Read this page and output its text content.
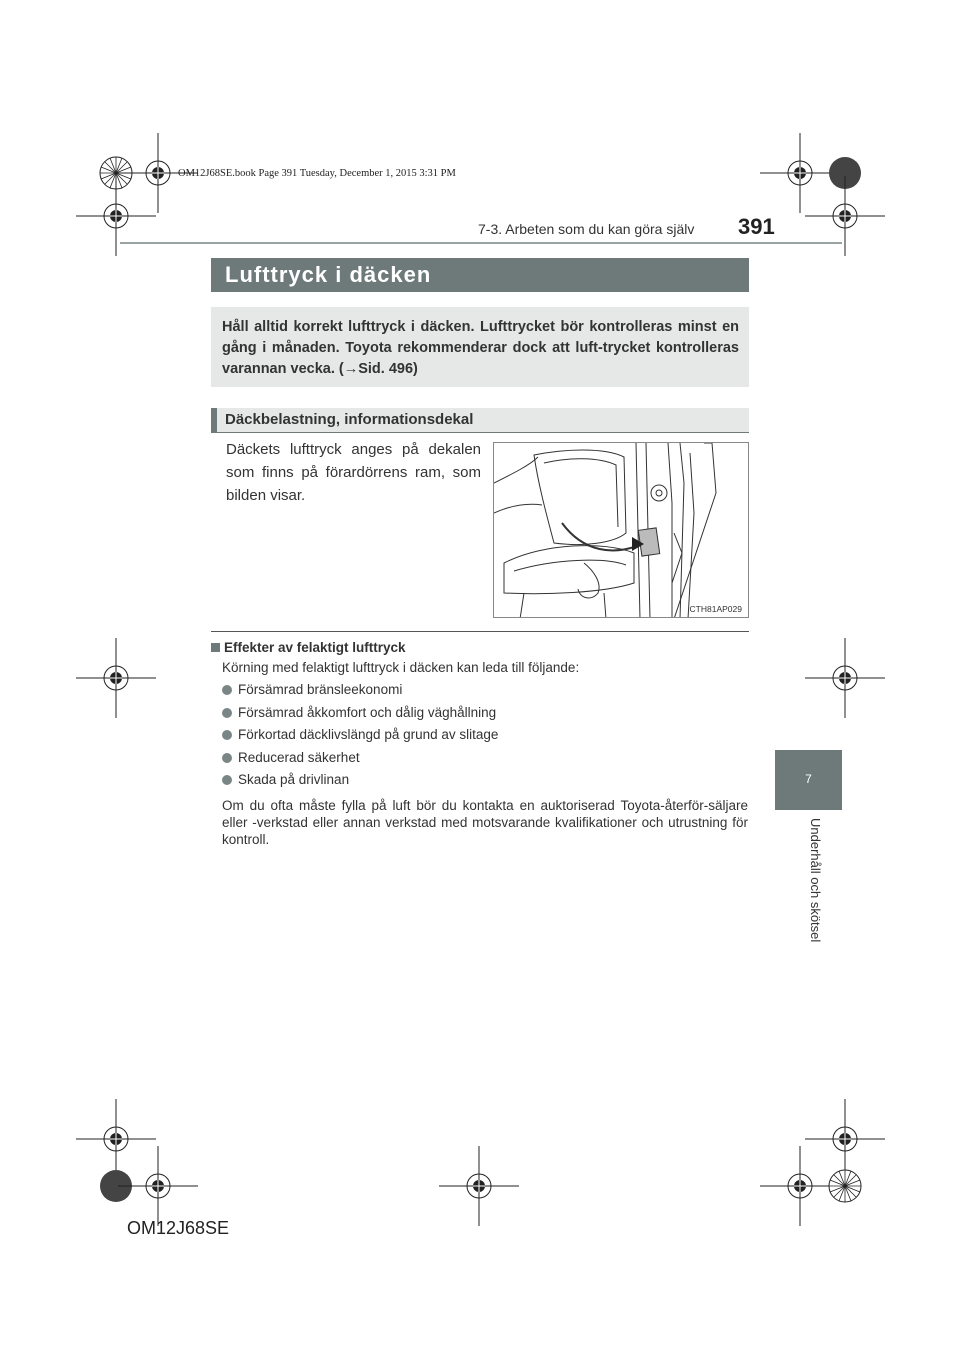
OM12J68SE.book Page 391 Tuesday, December 1, 2015 3:31 PM
7-3. Arbeten som du kan göra själv 391
7
Underhåll och skötsel
Lufttryck i däcken
Håll alltid korrekt lufttryck i däcken. Lufttrycket bör kontrolleras minst en gång i månaden. Toyota rekommenderar dock att luft-trycket kontrolleras varannan vecka. (→Sid. 496)
Däckbelastning, informationsdekal
Däckets lufttryck anges på dekalen som finns på förardörrens ram, som bilden visar.
CTH81AP029
Effekter av felaktigt lufttryck
Körning med felaktigt lufttryck i däcken kan leda till följande:
Försämrad bränsleekonomi
Försämrad åkkomfort och dålig väghållning
Förkortad däcklivslängd på grund av slitage
Reducerad säkerhet
Skada på drivlinan
Om du ofta måste fylla på luft bör du kontakta en auktoriserad Toyota-återför-säljare eller -verkstad eller annan verkstad med motsvarande kvalifikationer och utrustning för kontroll.
OM12J68SE
